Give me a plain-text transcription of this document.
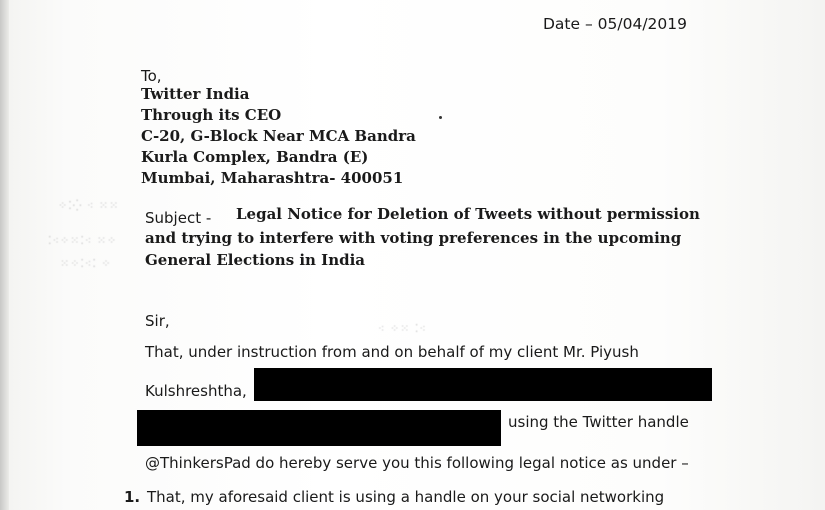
Date – 05/04/2019
To,
Twitter India
Through its CEO
C-20, G-Block Near MCA Bandra
Kurla Complex, Bandra (E)
Mumbai, Maharashtra- 400051
⁘⁚⁛ ⁖ ⁙⁙
⁚⁖⁘⁙⁚⁖ ⁙⁘
⁙⁘⁚⁖⁚ ⁘
⁖ ⁘⁙ ⁚⁖
Subject - Legal Notice for Deletion of Tweets without permission
and trying to interfere with voting preferences in the upcoming
General Elections in India
Sir,
That, under instruction from and on behalf of my client Mr. Piyush
Kulshreshtha,
using the Twitter handle
@ThinkersPad do hereby serve you this following legal notice as under –
1. That, my aforesaid client is using a handle on your social networking
